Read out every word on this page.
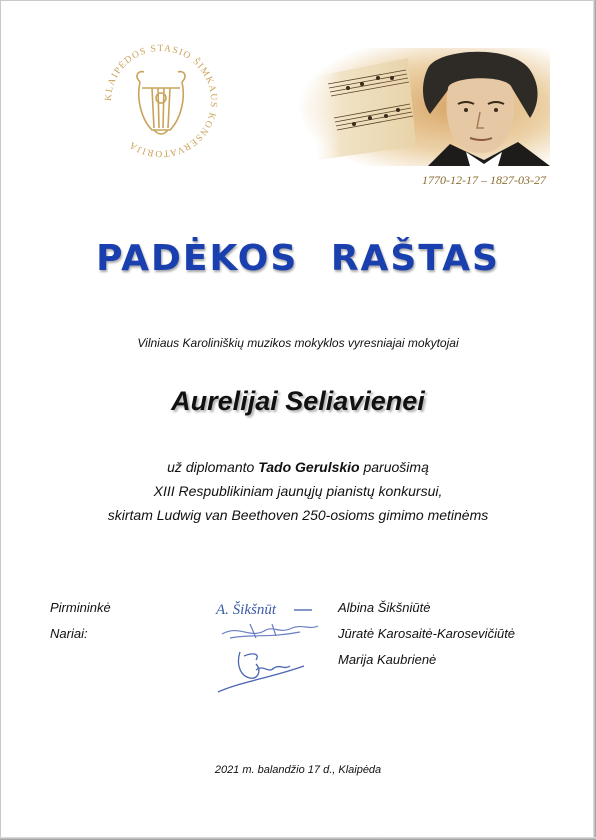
KLAIPĖDOS STASIO ŠIMKAUS KONSERVATORIJA
1770-12-17 – 1827-03-27
PADĖKOS RAŠTAS
Vilniaus Karoliniškių muzikos mokyklos vyresniajai mokytojai
Aurelijai Seliavienei
už diplomanto Tado Gerulskio paruošimą
XIII Respublikiniam jaunųjų pianistų konkursui,
skirtam Ludwig van Beethoven 250-osioms gimimo metinėms
Pirmininkė
Nariai:
A. Šikšnūt	Albina Šikšniūtė
Jūratė Karosaitė-Karosevičiūtė
Marija Kaubrienė
2021 m. balandžio 17 d., Klaipėda
